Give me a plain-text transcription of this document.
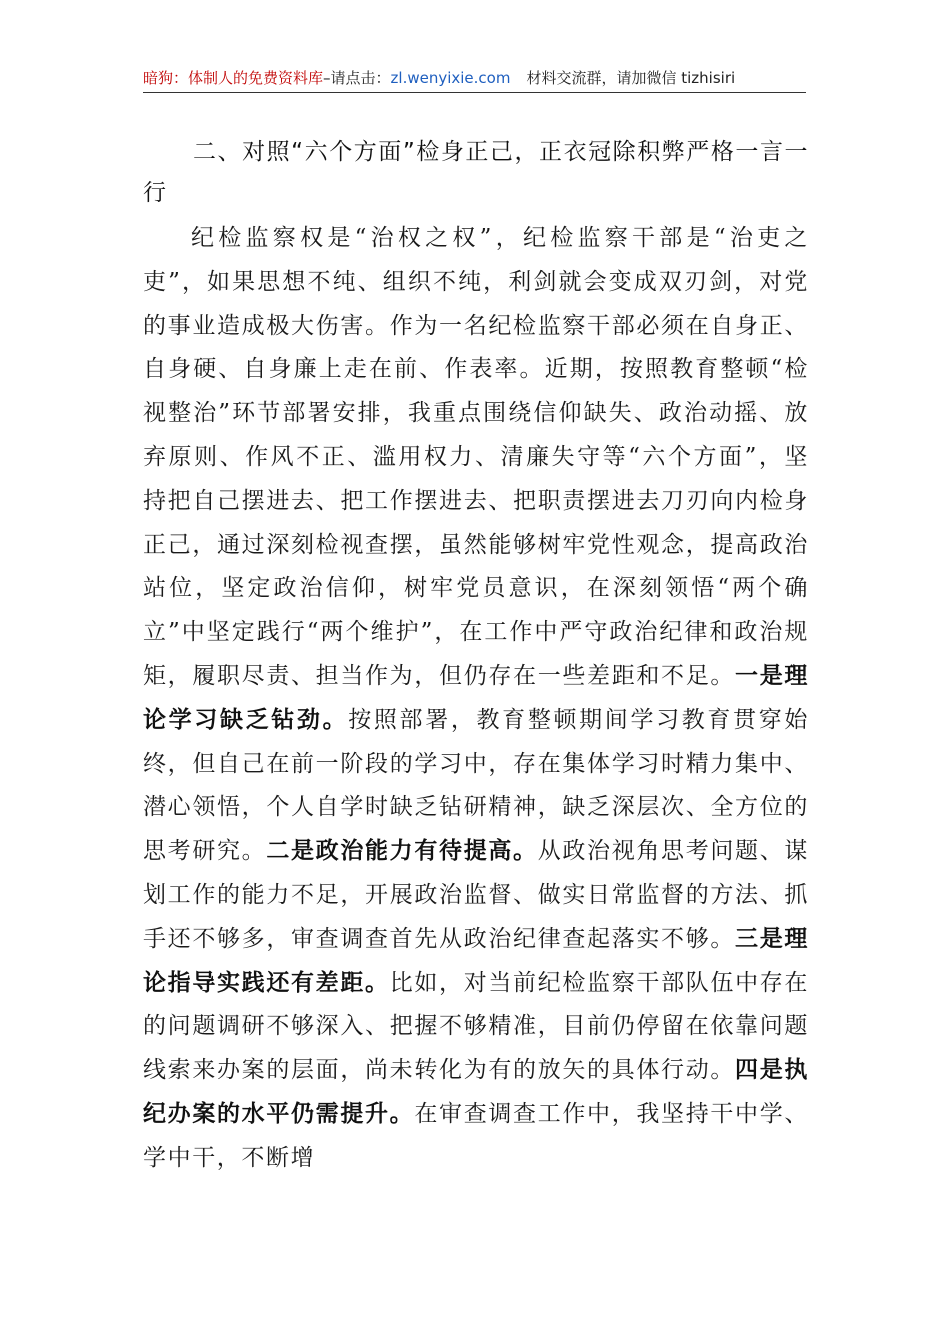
暗狗：体制人的免费资料库–请点击：zl.wenyixie.com 材料交流群，请加微信 tizhisiri
二、对照“六个方面”检身正己，正衣冠除积弊严格一言一行

纪检监察权是“治权之权”，纪检监察干部是“治吏之吏”，如果思想不纯、组织不纯，利剑就会变成双刃剑，对党的事业造成极大伤害。作为一名纪检监察干部必须在自身正、自身硬、自身廉上走在前、作表率。近期，按照教育整顿“检视整治”环节部署安排，我重点围绕信仰缺失、政治动摇、放弃原则、作风不正、滥用权力、清廉失守等“六个方面”，坚持把自己摆进去、把工作摆进去、把职责摆进去刀刃向内检身正己，通过深刻检视查摆，虽然能够树牢党性观念，提高政治站位，坚定政治信仰，树牢党员意识，在深刻领悟“两个确立”中坚定践行“两个维护”，在工作中严守政治纪律和政治规矩，履职尽责、担当作为，但仍存在一些差距和不足。一是理论学习缺乏钻劲。按照部署，教育整顿期间学习教育贯穿始终，但自己在前一阶段的学习中，存在集体学习时精力集中、潜心领悟，个人自学时缺乏钻研精神，缺乏深层次、全方位的思考研究。二是政治能力有待提高。从政治视角思考问题、谋划工作的能力不足，开展政治监督、做实日常监督的方法、抓手还不够多，审查调查首先从政治纪律查起落实不够。三是理论指导实践还有差距。比如，对当前纪检监察干部队伍中存在的问题调研不够深入、把握不够精准，目前仍停留在依靠问题线索来办案的层面，尚未转化为有的放矢的具体行动。四是执纪办案的水平仍需提升。在审查调查工作中，我坚持干中学、学中干，不断增
